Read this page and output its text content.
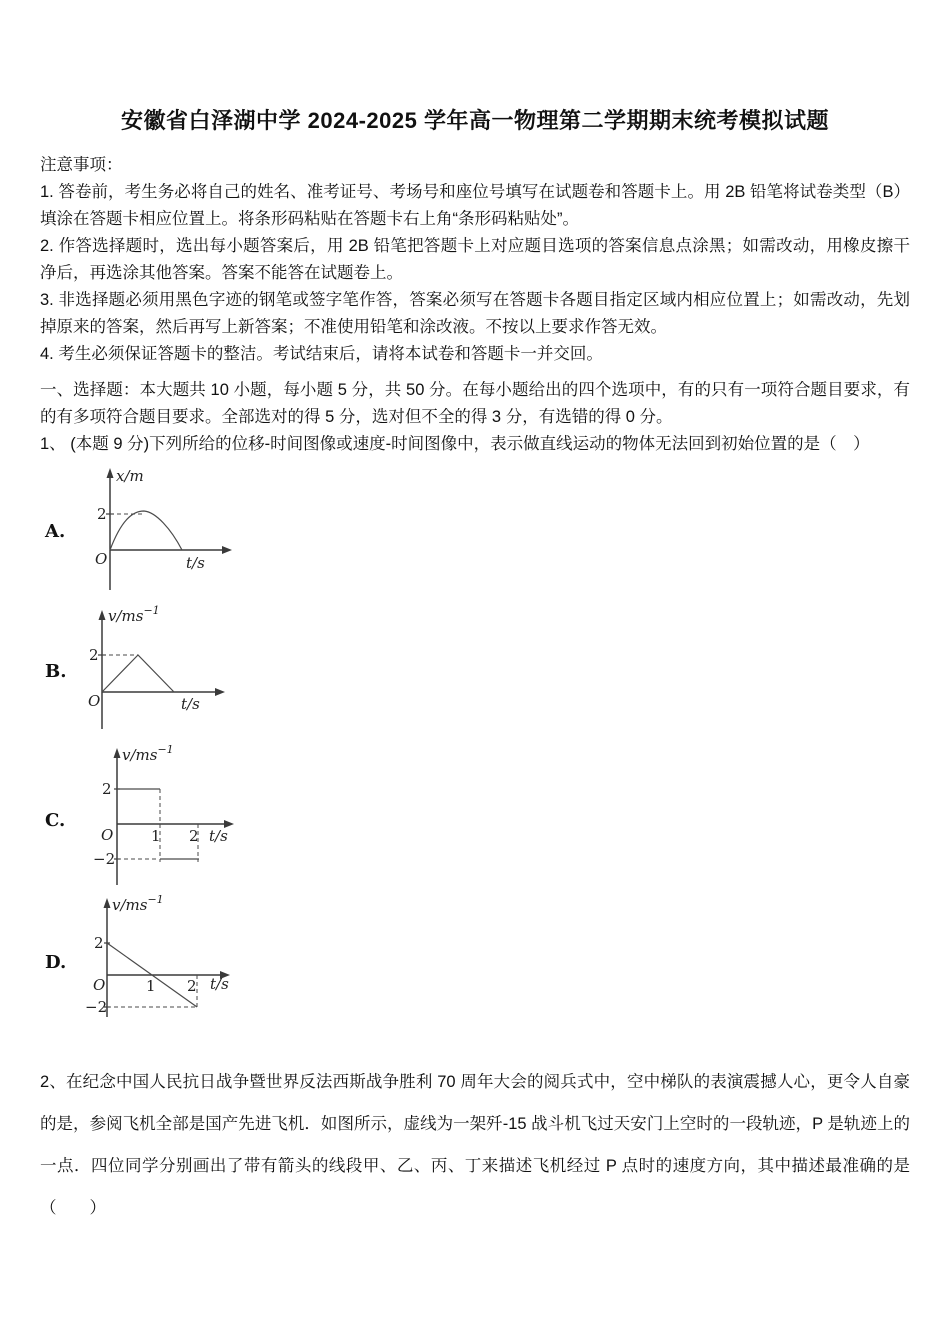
安徽省白泽湖中学 2024-2025 学年高一物理第二学期期末统考模拟试题

注意事项：

1. 答卷前，考生务必将自己的姓名、准考证号、考场号和座位号填写在试题卷和答题卡上。用 2B 铅笔将试卷类型（B）填涂在答题卡相应位置上。将条形码粘贴在答题卡右上角“条形码粘贴处”。

2. 作答选择题时，选出每小题答案后，用 2B 铅笔把答题卡上对应题目选项的答案信息点涂黑；如需改动，用橡皮擦干净后，再选涂其他答案。答案不能答在试题卷上。

3. 非选择题必须用黑色字迹的钢笔或签字笔作答，答案必须写在答题卡各题目指定区域内相应位置上；如需改动，先划掉原来的答案，然后再写上新答案；不准使用铅笔和涂改液。不按以上要求作答无效。

4. 考生必须保证答题卡的整洁。考试结束后，请将本试卷和答题卡一并交回。

一、选择题：本大题共 10 小题，每小题 5 分，共 50 分。在每小题给出的四个选项中，有的只有一项符合题目要求，有的有多项符合题目要求。全部选对的得 5 分，选对但不全的得 3 分，有选错的得 0 分。

1、 (本题 9 分)下列所给的位移-时间图像或速度-时间图像中，表示做直线运动的物体无法回到初始位置的是（　）

A.
2
O
x/m
t/s
B.
2
O
$v/ms^{-1}$
t/s
C.
2
−2
O	1 2
$v/ms^{-1}$
t/s
D.
2
−2
O	1 2
$v/ms^{-1}$
t/s

2、在纪念中国人民抗日战争暨世界反法西斯战争胜利 70 周年大会的阅兵式中，空中梯队的表演震撼人心，更令人自豪的是，参阅飞机全部是国产先进飞机．如图所示，虚线为一架歼-15 战斗机飞过天安门上空时的一段轨迹，P 是轨迹上的一点．四位同学分别画出了带有箭头的线段甲、乙、丙、丁来描述飞机经过 P 点时的速度方向，其中描述最准确的是（　　）
